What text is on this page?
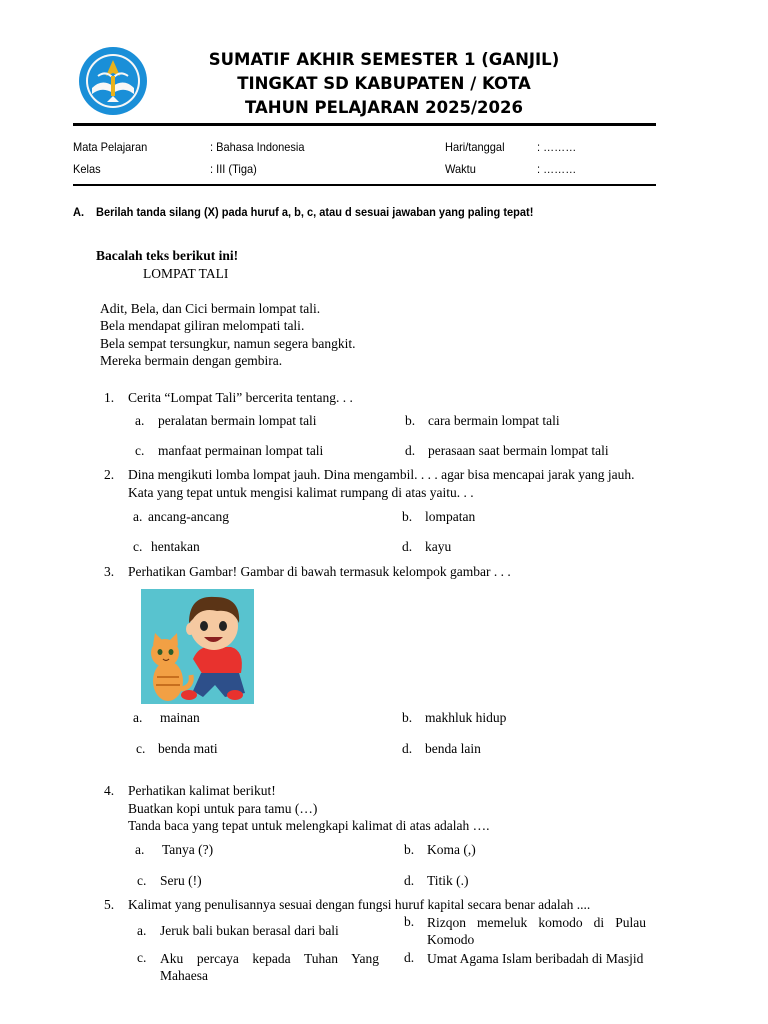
SUMATIF AKHIR SEMESTER 1 (GANJIL)
TINGKAT SD KABUPATEN / KOTA
TAHUN PELAJARAN 2025/2026
Mata Pelajaran	: Bahasa Indonesia	Hari/tanggal	: ………
Kelas	: III (Tiga)	Waktu	: ………
A. Berilah tanda silang (X) pada huruf a, b, c, atau d sesuai jawaban yang paling tepat!
Bacalah teks berikut ini!
LOMPAT TALI
Adit, Bela, dan Cici bermain lompat tali.
Bela mendapat giliran melompati tali.
Bela sempat tersungkur, namun segera bangkit.
Mereka bermain dengan gembira.
1. Cerita “Lompat Tali” bercerita tentang. . .
a. peralatan bermain lompat tali	b. cara bermain lompat tali
c. manfaat permainan lompat tali	d. perasaan saat bermain lompat tali
2. Dina mengikuti lomba lompat jauh. Dina mengambil. . . . agar bisa mencapai jarak yang jauh.
Kata yang tepat untuk mengisi kalimat rumpang di atas yaitu. . .
a. ancang-ancang	b. lompatan
c. hentakan	d. kayu
3. Perhatikan Gambar! Gambar di bawah termasuk kelompok gambar . . .
a. mainan	b. makhluk hidup
c. benda mati	d. benda lain
4. Perhatikan kalimat berikut!
Buatkan kopi untuk para tamu (…)
Tanda baca yang tepat untuk melengkapi kalimat di atas adalah ….
a. Tanya (?)	b. Koma (,)
c. Seru (!)	d. Titik (.)
5. Kalimat yang penulisannya sesuai dengan fungsi huruf kapital secara benar adalah ....
a. Jeruk bali bukan berasal dari bali
b. Rizqon memeluk komodo di Pulau Komodo
c. Aku percaya kepada Tuhan Yang Mahaesa
d. Umat Agama Islam beribadah di Masjid
